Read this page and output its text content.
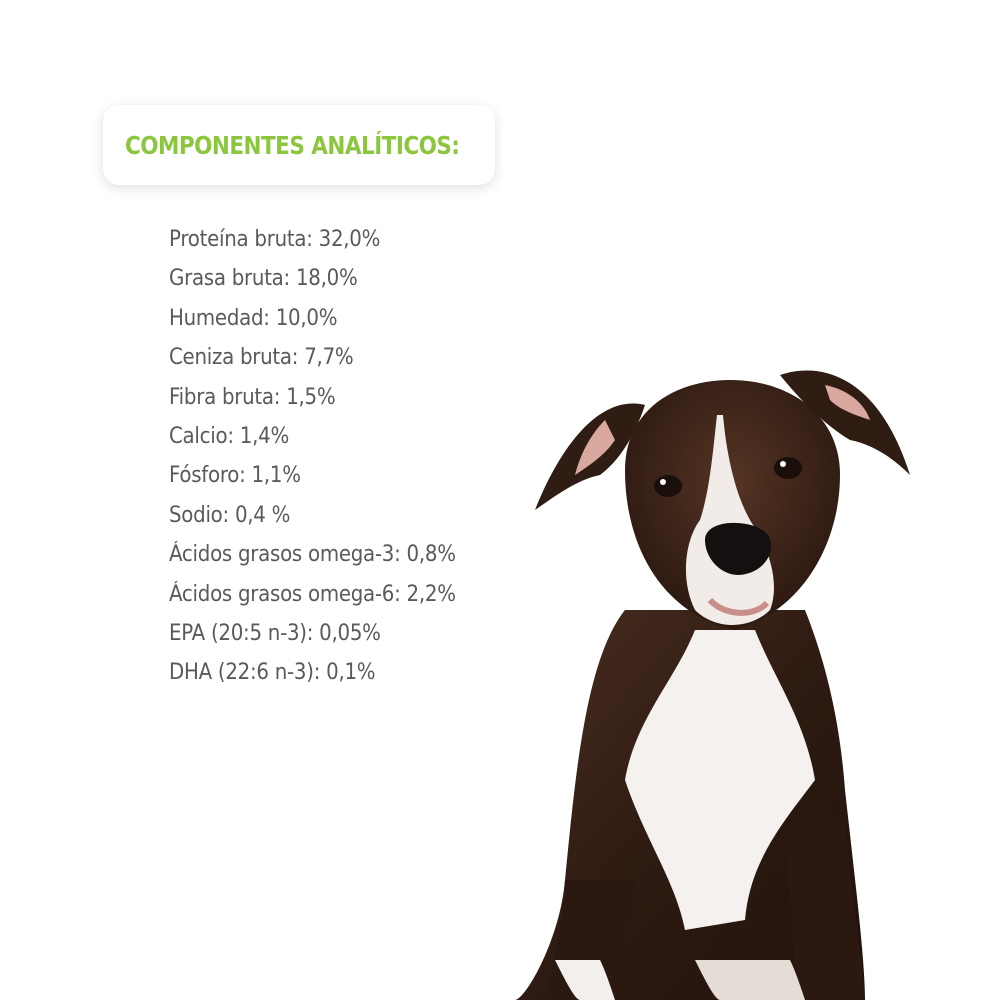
COMPONENTES ANALÍTICOS:
Proteína bruta: 32,0%
Grasa bruta: 18,0%
Humedad: 10,0%
Ceniza bruta: 7,7%
Fibra bruta: 1,5%
Calcio: 1,4%
Fósforo: 1,1%
Sodio: 0,4 %
Ácidos grasos omega-3: 0,8%
Ácidos grasos omega-6: 2,2%
EPA (20:5 n-3): 0,05%
DHA (22:6 n-3): 0,1%
